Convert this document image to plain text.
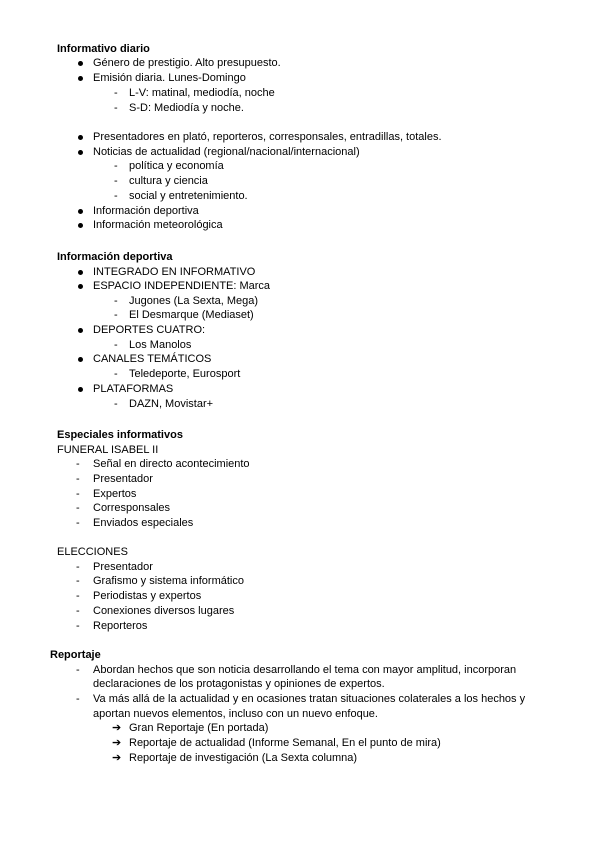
Informativo diario
Género de prestigio. Alto presupuesto.
Emisión diaria. Lunes-Domingo
- L-V: matinal, mediodía, noche
- S-D: Mediodía y noche.
Presentadores en plató, reporteros, corresponsales, entradillas, totales.
Noticias de actualidad (regional/nacional/internacional)
- política y economía
- cultura y ciencia
- social y entretenimiento.
Información deportiva
Información meteorológica
Información deportiva
INTEGRADO EN INFORMATIVO
ESPACIO INDEPENDIENTE: Marca
- Jugones (La Sexta, Mega)
- El Desmarque (Mediaset)
DEPORTES CUATRO:
- Los Manolos
CANALES TEMÁTICOS
- Teledeporte, Eurosport
PLATAFORMAS
- DAZN, Movistar+
Especiales informativos
FUNERAL ISABEL II
- Señal en directo acontecimiento
- Presentador
- Expertos
- Corresponsales
- Enviados especiales
ELECCIONES
- Presentador
- Grafismo y sistema informático
- Periodistas y expertos
- Conexiones diversos lugares
- Reporteros
Reportaje
- Abordan hechos que son noticia desarrollando el tema con mayor amplitud, incorporan
declaraciones de los protagonistas y opiniones de expertos.
- Va más allá de la actualidad y en ocasiones tratan situaciones colaterales a los hechos y
aportan nuevos elementos, incluso con un nuevo enfoque.
➔ Gran Reportaje (En portada)
➔ Reportaje de actualidad (Informe Semanal, En el punto de mira)
➔ Reportaje de investigación (La Sexta columna)
